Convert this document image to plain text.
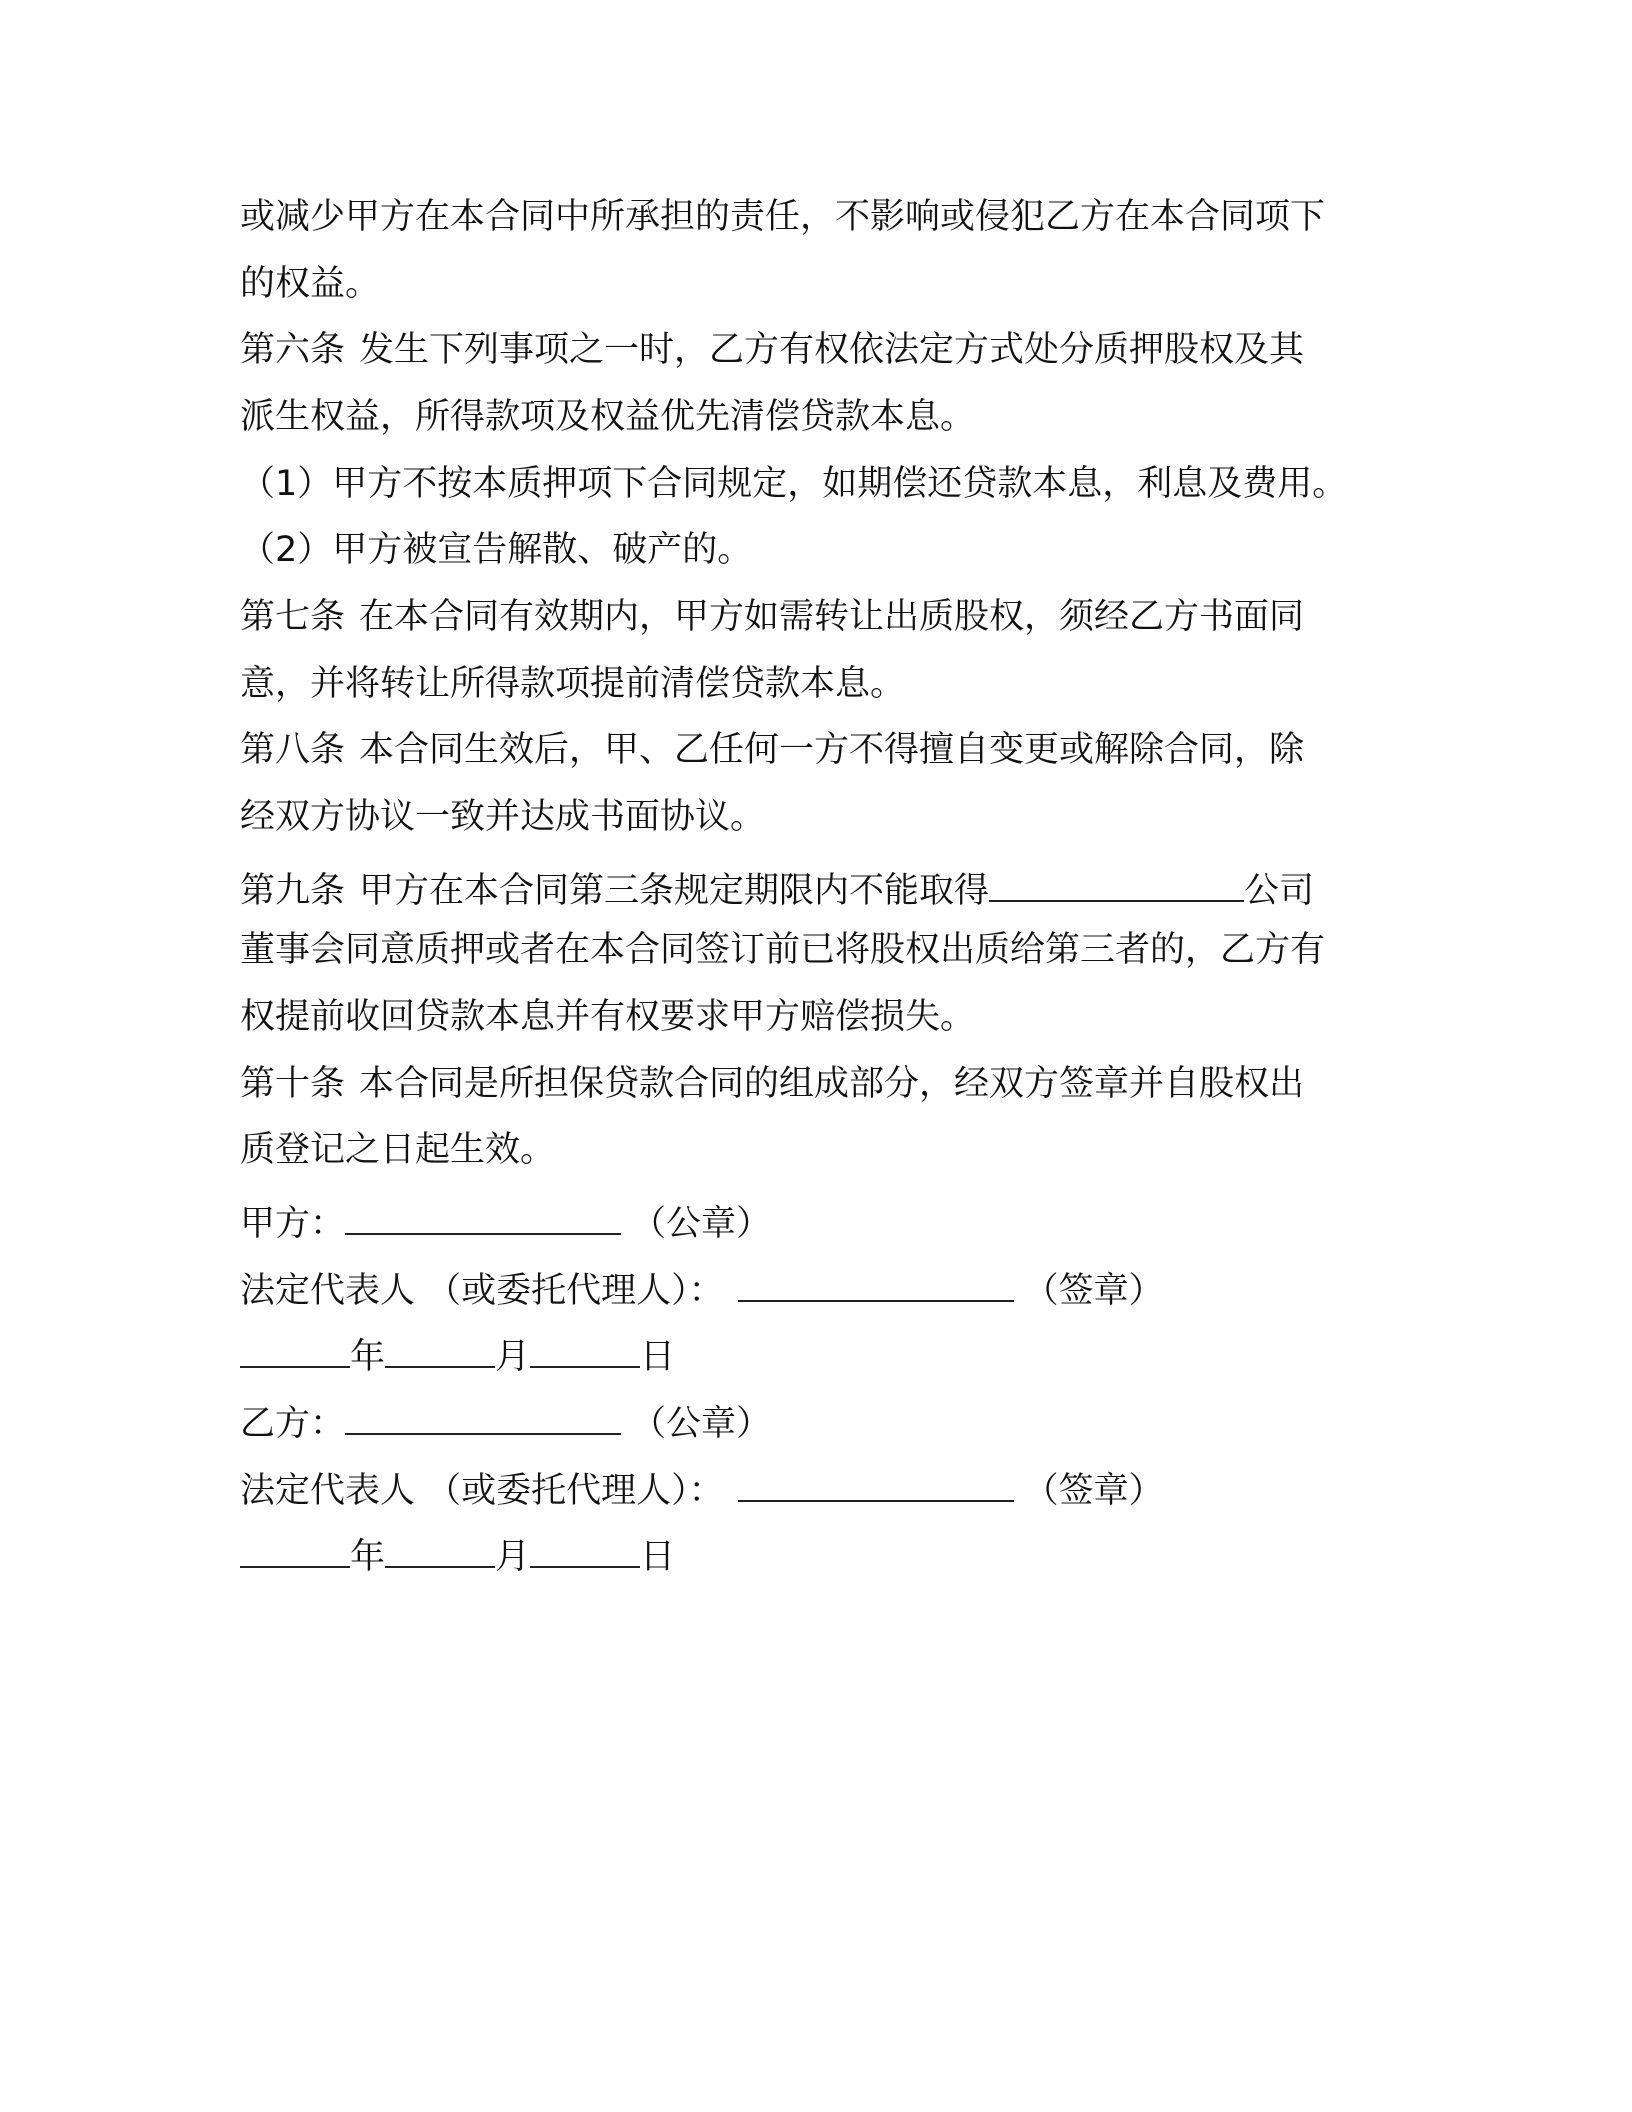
或减少甲方在本合同中所承担的责任，不影响或侵犯乙方在本合同项下
的权益。
第六条 发生下列事项之一时，乙方有权依法定方式处分质押股权及其
派生权益，所得款项及权益优先清偿贷款本息。
（1）甲方不按本质押项下合同规定，如期偿还贷款本息，利息及费用。
（2）甲方被宣告解散、破产的。
第七条 在本合同有效期内，甲方如需转让出质股权，须经乙方书面同
意，并将转让所得款项提前清偿贷款本息。
第八条 本合同生效后，甲、乙任何一方不得擅自变更或解除合同，除
经双方协议一致并达成书面协议。
第九条 甲方在本合同第三条规定期限内不能取得	公司
董事会同意质押或者在本合同签订前已将股权出质给第三者的，乙方有
权提前收回贷款本息并有权要求甲方赔偿损失。
第十条 本合同是所担保贷款合同的组成部分，经双方签章并自股权出
质登记之日起生效。
甲方：	（公章）
法定代表人 （或委托代理人）：	（签章）
年	月	日
乙方：	（公章）
法定代表人 （或委托代理人）：	（签章）
年	月	日
